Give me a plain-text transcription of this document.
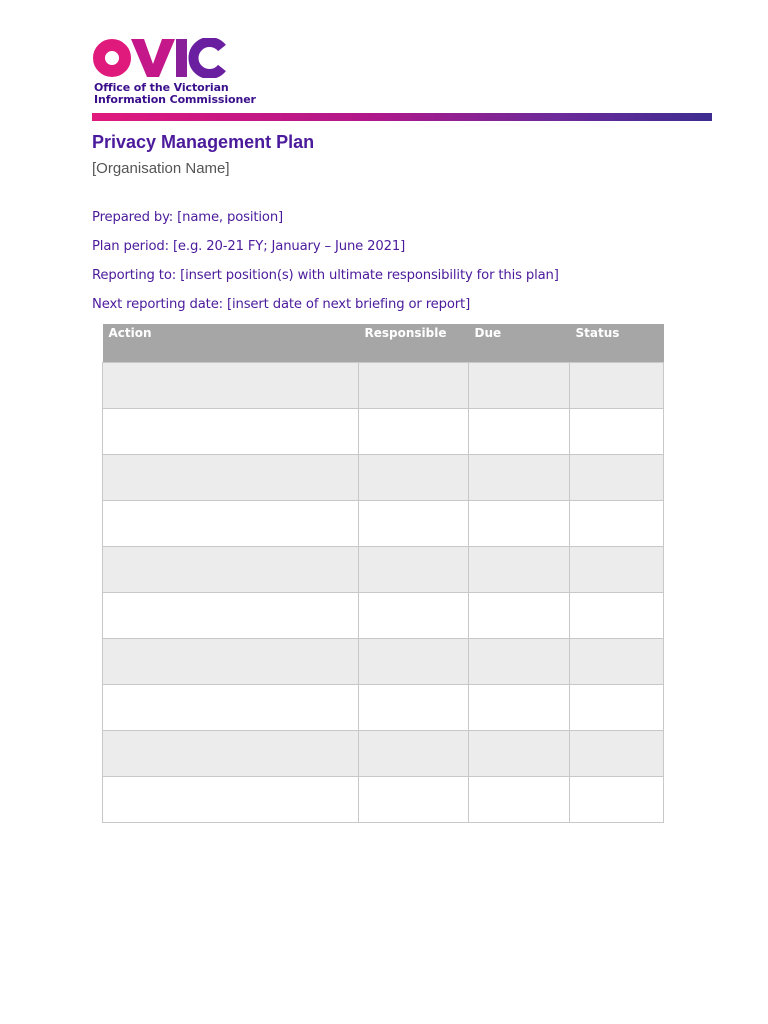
Office of the Victorian
Information Commissioner
Privacy Management Plan
[Organisation Name]
Prepared by: [name, position]
Plan period: [e.g. 20-21 FY; January – June 2021]
Reporting to: [insert position(s) with ultimate responsibility for this plan]
Next reporting date: [insert date of next briefing or report]
Action	Responsible	Due	Status
